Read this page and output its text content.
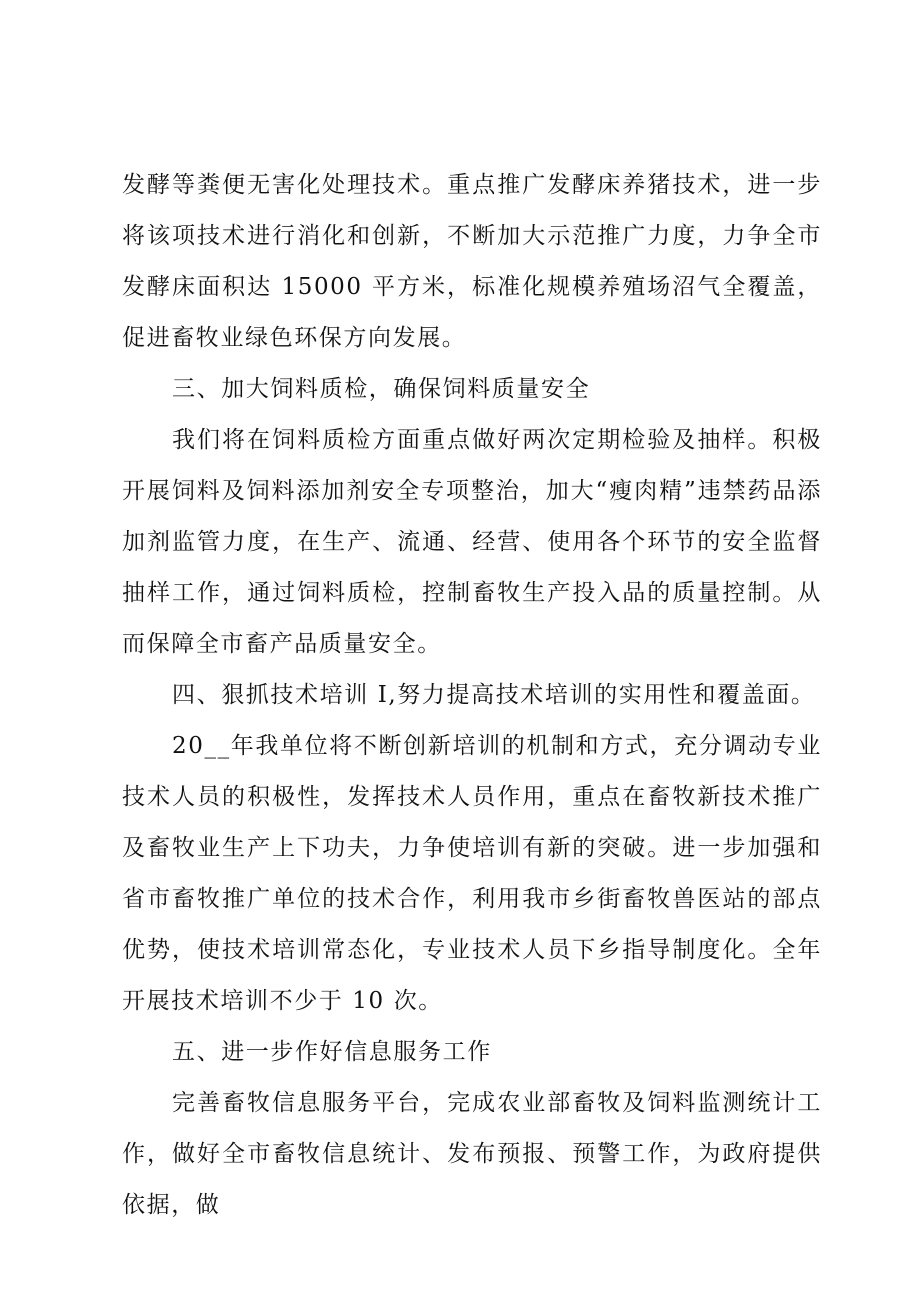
发酵等粪便无害化处理技术。重点推广发酵床养猪技术，进一步将该项技术进行消化和创新，不断加大示范推广力度，力争全市发酵床面积达 15000 平方米，标准化规模养殖场沼气全覆盖，促进畜牧业绿色环保方向发展。

三、加大饲料质检，确保饲料质量安全

我们将在饲料质检方面重点做好两次定期检验及抽样。积极开展饲料及饲料添加剂安全专项整治，加大“瘦肉精”违禁药品添加剂监管力度，在生产、流通、经营、使用各个环节的安全监督抽样工作，通过饲料质检，控制畜牧生产投入品的质量控制。从而保障全市畜产品质量安全。

四、狠抓技术培训 I,努力提高技术培训的实用性和覆盖面。

20__年我单位将不断创新培训的机制和方式，充分调动专业技术人员的积极性，发挥技术人员作用，重点在畜牧新技术推广及畜牧业生产上下功夫，力争使培训有新的突破。进一步加强和省市畜牧推广单位的技术合作，利用我市乡街畜牧兽医站的部点优势，使技术培训常态化，专业技术人员下乡指导制度化。全年开展技术培训不少于 10 次。

五、进一步作好信息服务工作

完善畜牧信息服务平台，完成农业部畜牧及饲料监测统计工作，做好全市畜牧信息统计、发布预报、预警工作，为政府提供依据，做
